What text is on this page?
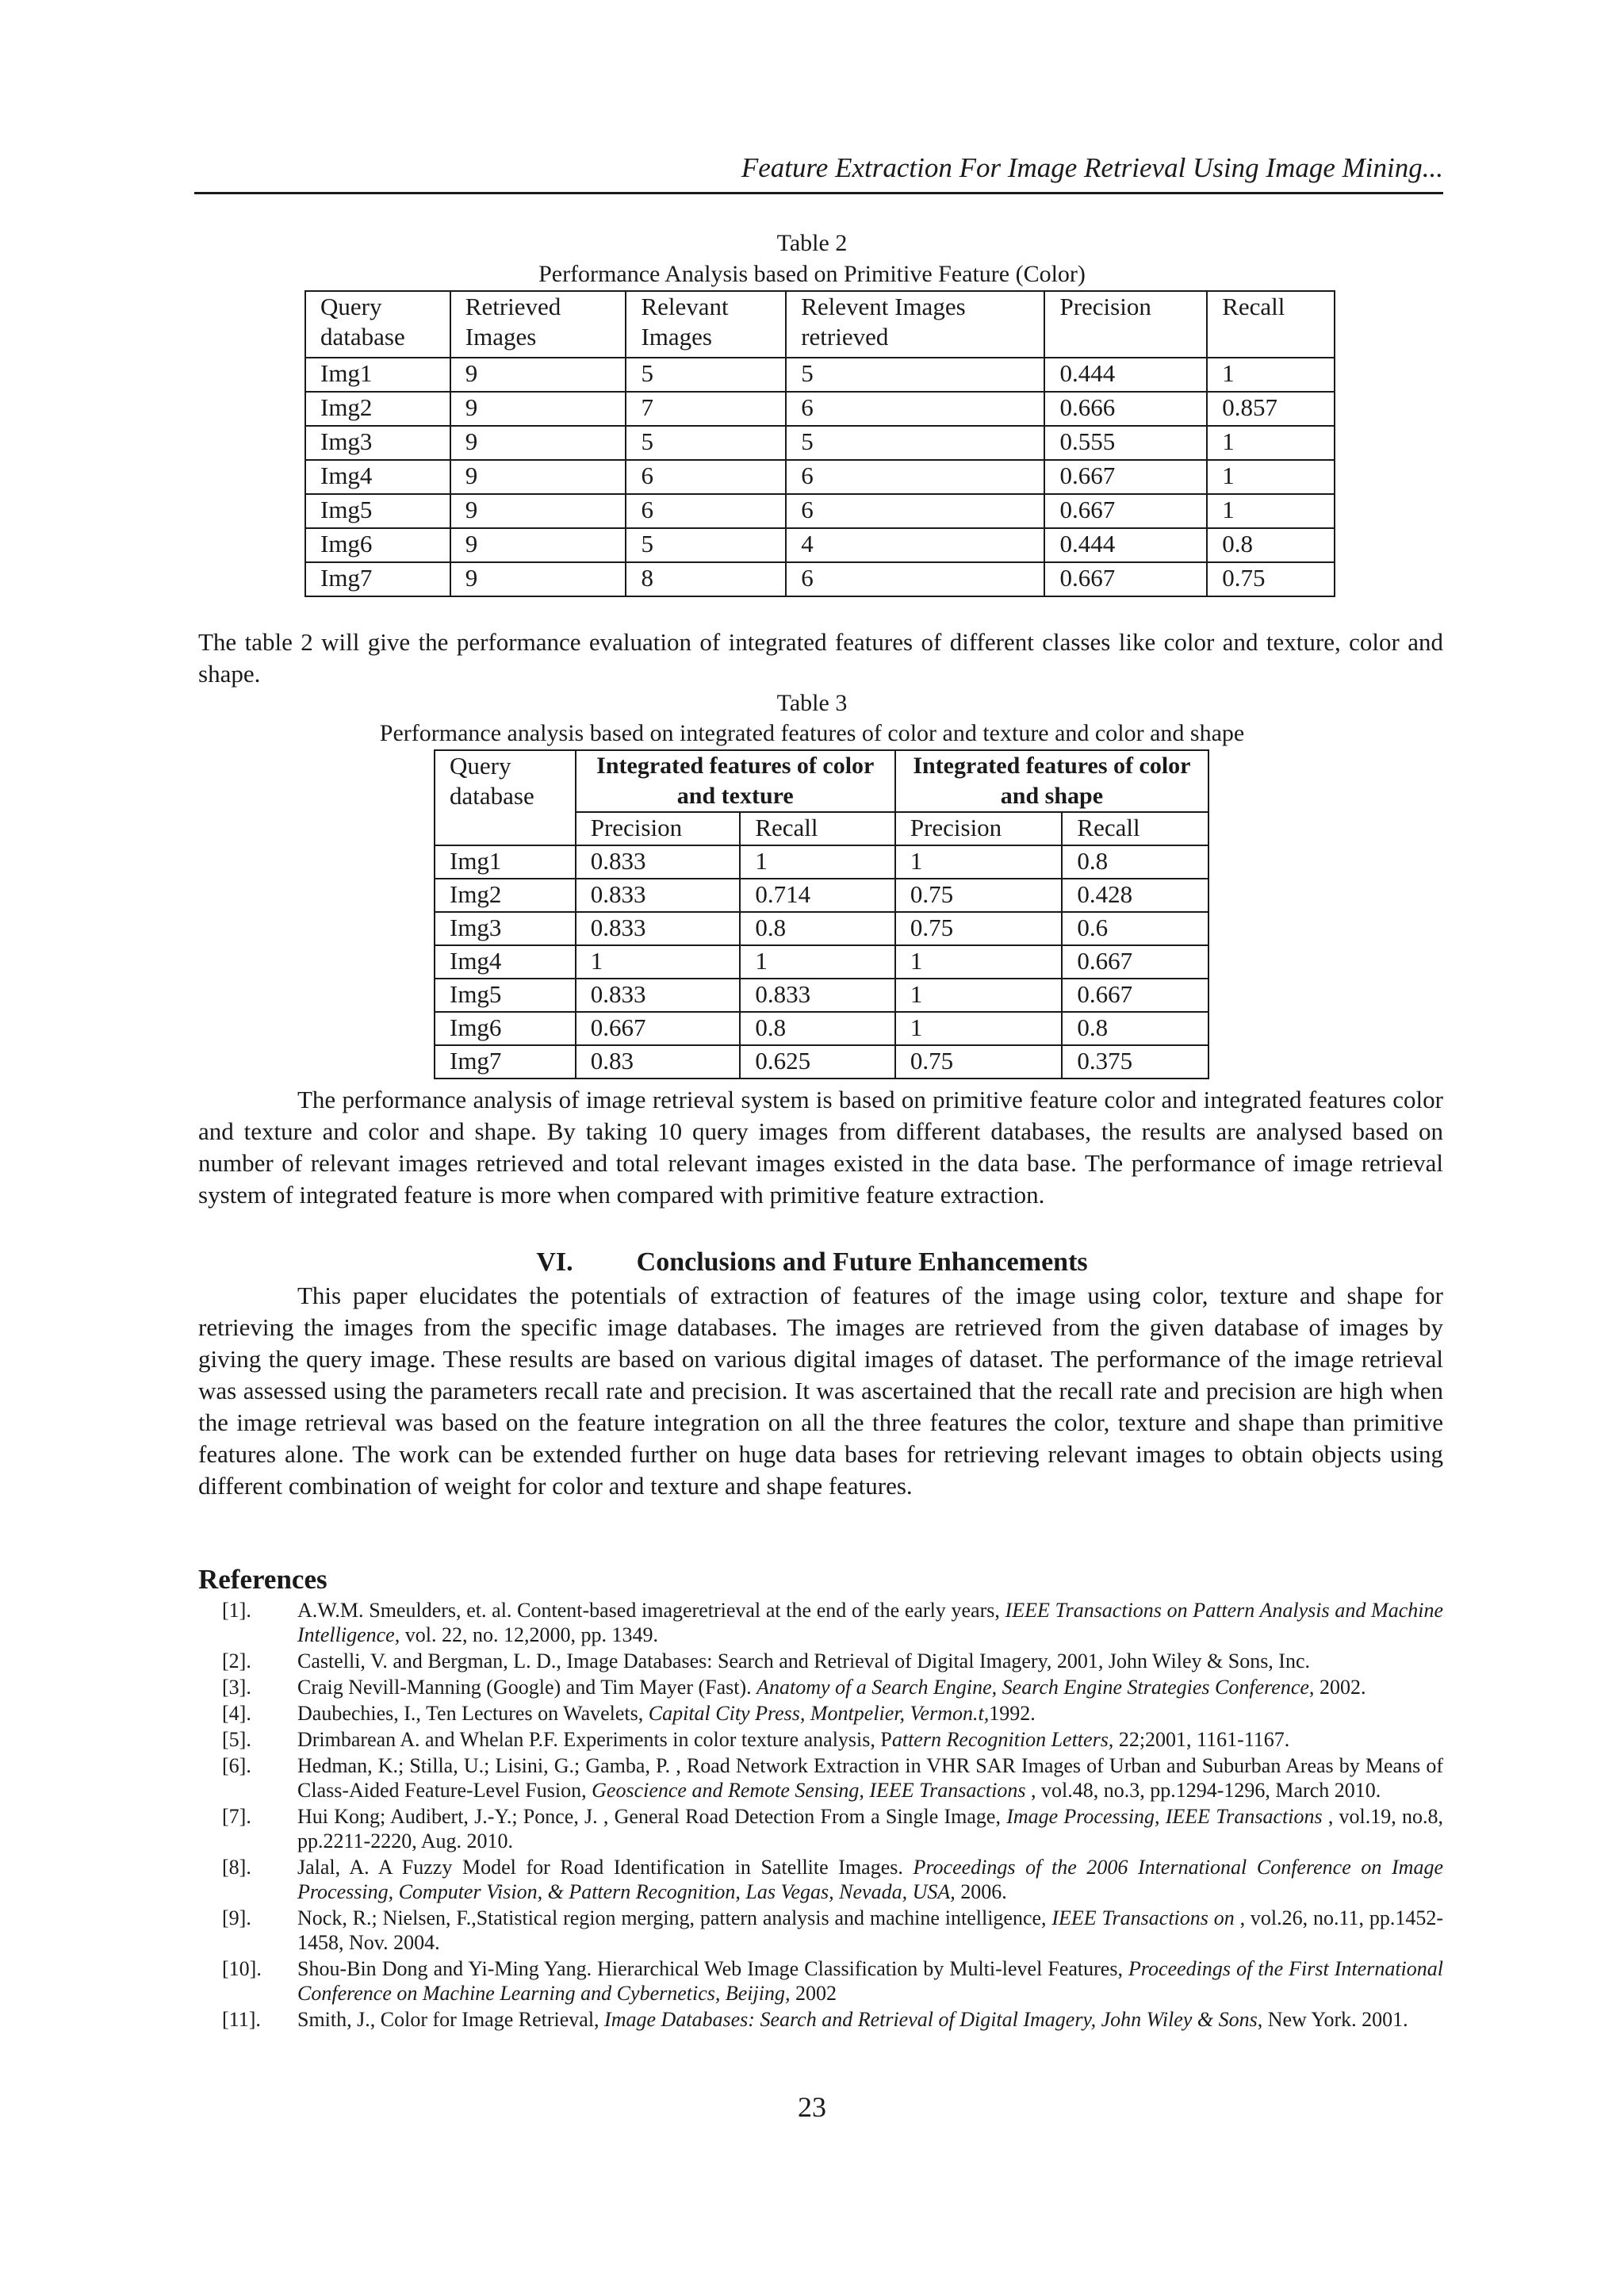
Feature Extraction For Image Retrieval Using Image Mining...
Table 2
Performance Analysis based on Primitive Feature (Color)
Query database	Retrieved Images	Relevant Images	Relevent Images retrieved	Precision	Recall
Img1	9	5	5	0.444	1
Img2	9	7	6	0.666	0.857
Img3	9	5	5	0.555	1
Img4	9	6	6	0.667	1
Img5	9	6	6	0.667	1
Img6	9	5	4	0.444	0.8
Img7	9	8	6	0.667	0.75
The table 2 will give the performance evaluation of integrated features of different classes like color and texture, color and shape.
Table 3
Performance analysis based on integrated features of color and texture and color and shape
Query database	Integrated features of color and texture		Integrated features of color and shape	
	Precision	Recall	Precision	Recall
Img1	0.833	1	1	0.8
Img2	0.833	0.714	0.75	0.428
Img3	0.833	0.8	0.75	0.6
Img4	1	1	1	0.667
Img5	0.833	0.833	1	0.667
Img6	0.667	0.8	1	0.8
Img7	0.83	0.625	0.75	0.375
The performance analysis of image retrieval system is based on primitive feature color and integrated features color and texture and color and shape. By taking 10 query images from different databases, the results are analysed based on number of relevant images retrieved and total relevant images existed in the data base. The performance of image retrieval system of integrated feature is more when compared with primitive feature extraction.
VI. Conclusions and Future Enhancements
This paper elucidates the potentials of extraction of features of the image using color, texture and shape for retrieving the images from the specific image databases. The images are retrieved from the given database of images by giving the query image. These results are based on various digital images of dataset. The performance of the image retrieval was assessed using the parameters recall rate and precision. It was ascertained that the recall rate and precision are high when the image retrieval was based on the feature integration on all the three features the color, texture and shape than primitive features alone. The work can be extended further on huge data bases for retrieving relevant images to obtain objects using different combination of weight for color and texture and shape features.
References
[1].	A.W.M. Smeulders, et. al. Content-based imageretrieval at the end of the early years, IEEE Transactions on Pattern Analysis and Machine Intelligence, vol. 22, no. 12,2000, pp. 1349.
[2].	Castelli, V. and Bergman, L. D., Image Databases: Search and Retrieval of Digital Imagery, 2001, John Wiley & Sons, Inc.
[3].	Craig Nevill-Manning (Google) and Tim Mayer (Fast). Anatomy of a Search Engine, Search Engine Strategies Conference, 2002.
[4].	Daubechies, I., Ten Lectures on Wavelets, Capital City Press, Montpelier, Vermon.t,1992.
[5].	Drimbarean A. and Whelan P.F. Experiments in color texture analysis, Pattern Recognition Letters, 22;2001, 1161-1167.
[6].	Hedman, K.; Stilla, U.; Lisini, G.; Gamba, P. , Road Network Extraction in VHR SAR Images of Urban and Suburban Areas by Means of Class-Aided Feature-Level Fusion, Geoscience and Remote Sensing, IEEE Transactions , vol.48, no.3, pp.1294-1296, March 2010.
[7].	Hui Kong; Audibert, J.-Y.; Ponce, J. , General Road Detection From a Single Image, Image Processing, IEEE Transactions , vol.19, no.8, pp.2211-2220, Aug. 2010.
[8].	Jalal, A. A Fuzzy Model for Road Identification in Satellite Images. Proceedings of the 2006 International Conference on Image Processing, Computer Vision, & Pattern Recognition, Las Vegas, Nevada, USA, 2006.
[9].	Nock, R.; Nielsen, F.,Statistical region merging, pattern analysis and machine intelligence, IEEE Transactions on , vol.26, no.11, pp.1452-1458, Nov. 2004.
[10].	Shou-Bin Dong and Yi-Ming Yang. Hierarchical Web Image Classification by Multi-level Features, Proceedings of the First International Conference on Machine Learning and Cybernetics, Beijing, 2002
[11].	Smith, J., Color for Image Retrieval, Image Databases: Search and Retrieval of Digital Imagery, John Wiley & Sons, New York. 2001.
23
